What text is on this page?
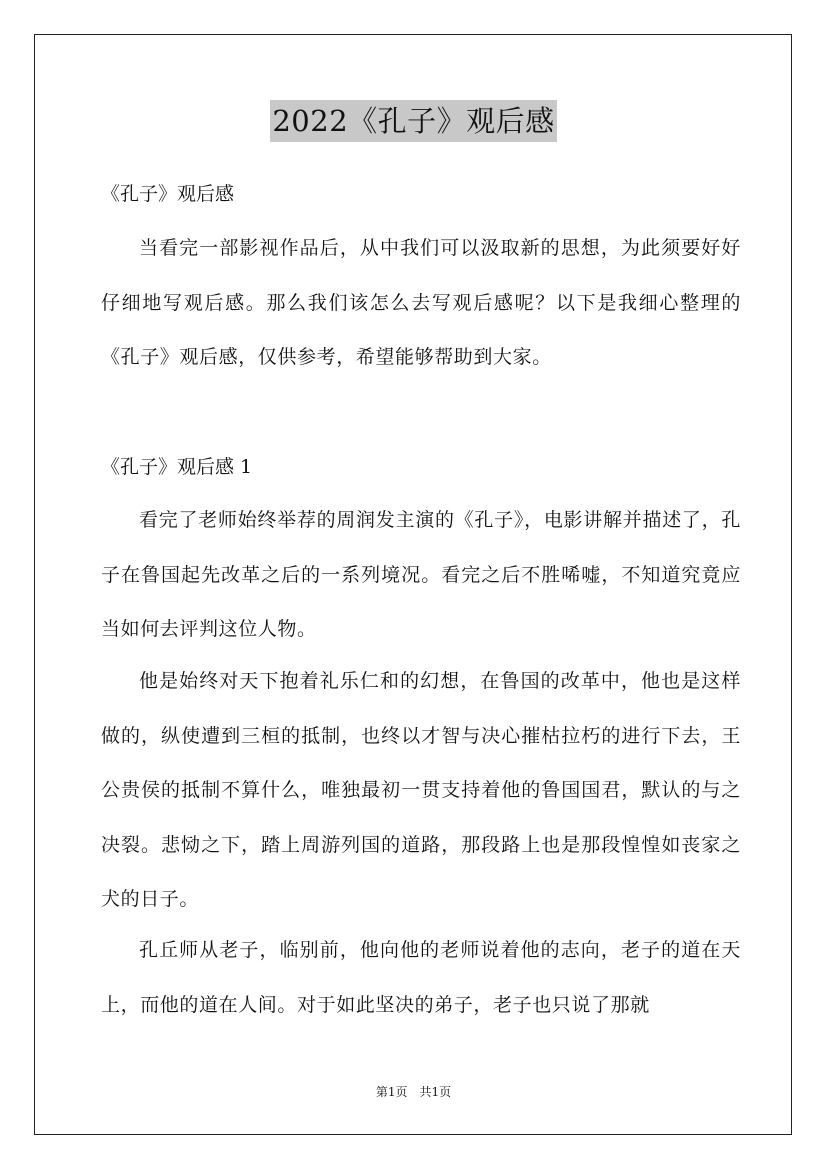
2022《孔子》观后感
《孔子》观后感

当看完一部影视作品后，从中我们可以汲取新的思想，为此须要好好仔细地写观后感。那么我们该怎么去写观后感呢？以下是我细心整理的《孔子》观后感，仅供参考，希望能够帮助到大家。

《孔子》观后感 1

看完了老师始终举荐的周润发主演的《孔子》，电影讲解并描述了，孔子在鲁国起先改革之后的一系列境况。看完之后不胜唏嘘，不知道究竟应当如何去评判这位人物。

他是始终对天下抱着礼乐仁和的幻想，在鲁国的改革中，他也是这样做的，纵使遭到三桓的抵制，也终以才智与决心摧枯拉朽的进行下去，王公贵侯的抵制不算什么，唯独最初一贯支持着他的鲁国国君，默认的与之决裂。悲恸之下，踏上周游列国的道路，那段路上也是那段惶惶如丧家之犬的日子。

孔丘师从老子，临别前，他向他的老师说着他的志向，老子的道在天上，而他的道在人间。对于如此坚决的弟子，老子也只说了那就

第1页　共1页
